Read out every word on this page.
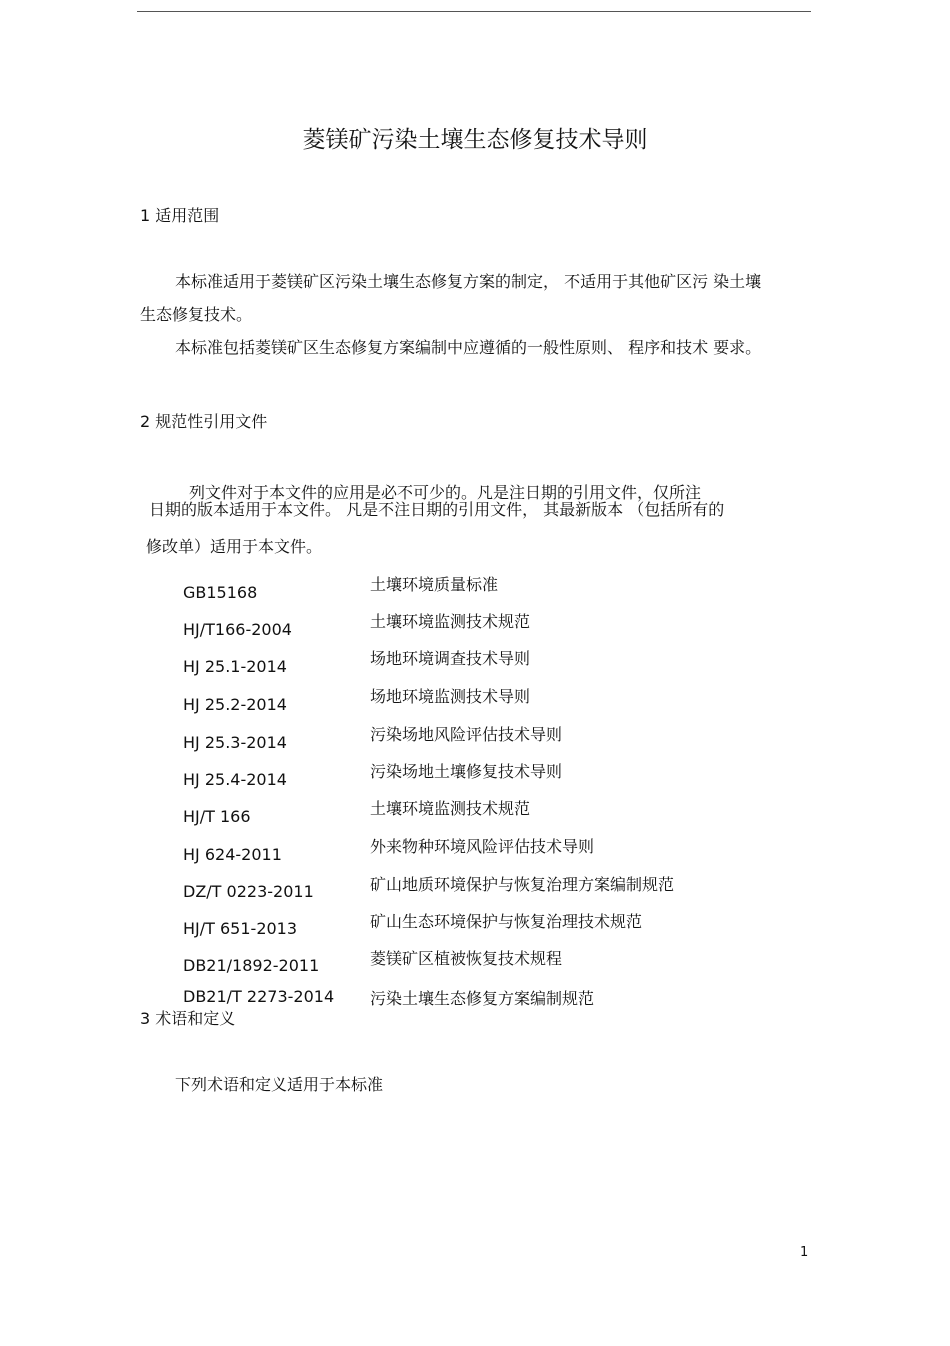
菱镁矿污染土壤生态修复技术导则
1 适用范围
本标准适用于菱镁矿区污染土壤生态修复方案的制定， 不适用于其他矿区污 染土壤
生态修复技术。
本标准包括菱镁矿区生态修复方案编制中应遵循的一般性原则、 程序和技术 要求。
2 规范性引用文件
列文件对于本文件的应用是必不可少的。凡是注日期的引用文件，仅所注
日期的版本适用于本文件。 凡是不注日期的引用文件， 其最新版本 （包括所有的
修改单）适用于本文件。
GB15168	土壤环境质量标准
HJ/T166-2004	土壤环境监测技术规范
HJ 25.1-2014	场地环境调查技术导则
HJ 25.2-2014	场地环境监测技术导则
HJ 25.3-2014	污染场地风险评估技术导则
HJ 25.4-2014	污染场地土壤修复技术导则
HJ/T 166	土壤环境监测技术规范
HJ 624-2011	外来物种环境风险评估技术导则
DZ/T 0223-2011	矿山地质环境保护与恢复治理方案编制规范
HJ/T 651-2013	矿山生态环境保护与恢复治理技术规范
DB21/1892-2011	菱镁矿区植被恢复技术规程
DB21/T 2273-2014 污染土壤生态修复方案编制规范
3 术语和定义
下列术语和定义适用于本标准
1
